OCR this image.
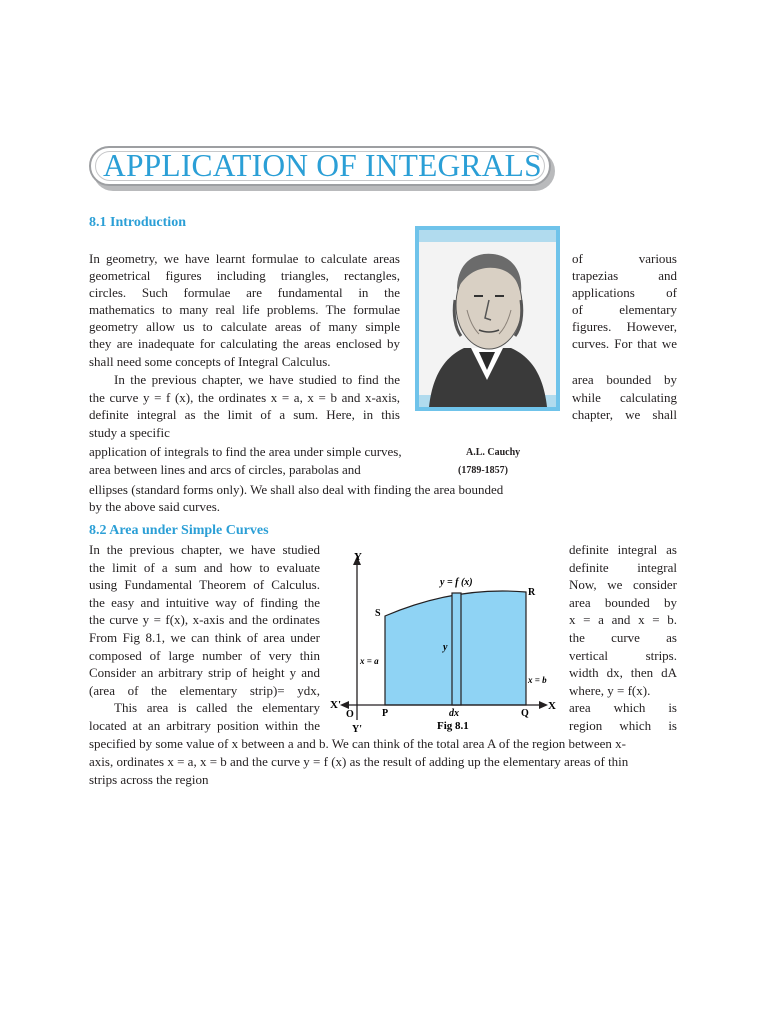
APPLICATION OF INTEGRALS
8.1 Introduction
In geometry, we have learnt formulae to calculate areas
geometrical figures including triangles, rectangles,
circles. Such formulae are fundamental in the
mathematics to many real life problems. The formulae
geometry allow us to calculate areas of many simple
they are inadequate for calculating the areas enclosed by
shall need some concepts of Integral Calculus.
In the previous chapter, we have studied to find the
the curve y = f (x), the ordinates x = a, x = b and x-axis,
definite integral as the limit of a sum. Here, in this
study a specific
application of integrals to find the area under simple curves,
area between lines and arcs of circles, parabolas and
of various
trapezias and
applications of
of elementary
figures. However,
curves. For that we
area bounded by
while calculating
chapter, we shall
A.L. Cauchy
(1789-1857)
ellipses (standard forms only). We shall also deal with finding the area bounded
by the above said curves.
8.2 Area under Simple Curves
In the previous chapter, we have studied
the limit of a sum and how to evaluate
using Fundamental Theorem of Calculus.
the easy and intuitive way of finding the
the curve y = f(x), x-axis and the ordinates
From Fig 8.1, we can think of area under
composed of large number of very thin
Consider an arbitrary strip of height y and
(area of the elementary strip)= ydx,
This area is called the elementary
located at an arbitrary position within the
definite integral as
definite integral
Now, we consider
area bounded by
x = a and x = b.
the curve as
vertical strips.
width dx, then dA
where, y = f(x).
area which is
region which is
Y
Y'
X
X'
O
y = f (x)
P	Q
R
S
x = a
x = b
y
dx
Fig 8.1
specified by some value of x between a and b. We can think of the total area A of the region between x-
axis, ordinates x = a, x = b and the curve y = f (x) as the result of adding up the elementary areas of thin
strips across the region
